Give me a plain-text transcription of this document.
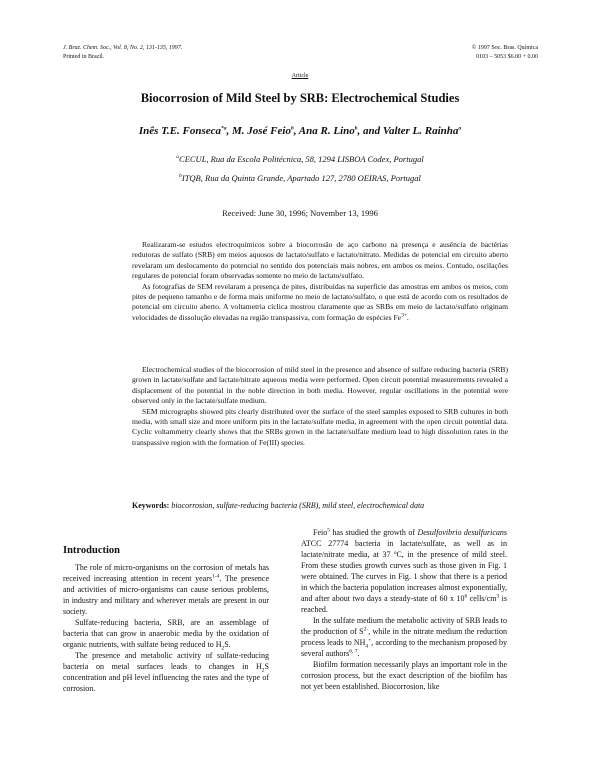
J. Braz. Chem. Soc., Vol. 8, No. 2, 131-135, 1997.
Printed in Brazil.
© 1997 Soc. Bras. Química
0103 – 5053 $6.00 + 0.00
Article
Biocorrosion of Mild Steel by SRB: Electrochemical Studies
Inês T.E. Fonseca$^{*a}$, M. José Feio$^b$, Ana R. Lino$^b$, and Valter L. Rainha$^a$
$^a$CECUL, Rua da Escola Politécnica, 58, 1294 LISBOA Codex, Portugal
$^b$ITQB, Rua da Quinta Grande, Apartado 127, 2780 OEIRAS, Portugal
Received: June 30, 1996; November 13, 1996

Realizaram-se estudos electroquímicos sobre a biocorrosão de aço carbono na presença e ausência de bactérias redutoras de sulfato (SRB) em meios aquosos de lactato/sulfato e lactato/nitrato. Medidas de potencial em circuito aberto revelaram um deslocamento do potencial no sentido dos potenciais mais nobres, em ambos os meios. Contudo, oscilações regulares de potencial foram observadas somente no meio de lactato/sulfato.

As fotografias de SEM revelaram a presença de pites, distribuídas na superfície das amostras em ambos os meios, com pites de pequeno tamanho e de forma mais uniforme no meio de lactato/sulfato, o que está de acordo com os resultados de potencial em circuito aberto. A voltametria cíclica mostrou claramente que as SRBs em meio de lactato/sulfato originam velocidades de dissolução elevadas na região transpassiva, com formação de espécies $Fe^{3+}$.

Electrochemical studies of the biocorrosion of mild steel in the presence and absence of sulfate reducing bacteria (SRB) grown in lactate/sulfate and lactate/nitrate aqueous media were performed. Open circuit potential measurements revealed a displacement of the potential in the noble direction in both media. However, regular oscillations in the potential were observed only in the lactate/sulfate medium.

SEM micrographs showed pits clearly distributed over the surface of the steel samples exposed to SRB cultures in both media, with small size and more uniform pits in the lactate/sulfate media, in agreement with the open circuit potential data. Cyclic voltammetry clearly shows that the SRBs grown in the lactate/sulfate medium lead to high dissolution rates in the transpassive region with the formation of Fe(III) species.

Keywords: biocorrosion, sulfate-reducing bacteria (SRB), mild steel, electrochemical data
Introduction

The role of micro-organisms on the corrosion of metals has received increasing attention in recent years$^{1-4}$. The presence and activities of micro-organisms can cause serious problems, in industry and military and wherever metals are present in our society.

Sulfate-reducing bacteria, SRB, are an assemblage of bacteria that can grow in anaerobic media by the oxidation of organic nutrients, with sulfate being reduced to $H_2S$.

The presence and metabolic activity of sulfate-reducing bacteria on metal surfaces leads to changes in $H_2S$ concentration and pH level influencing the rates and the type of corrosion.

Feio$^5$ has studied the growth of Desulfovibrio desulfuricans ATCC 27774 bacteria in lactate/sulfate, as well as in lactate/nitrate media, at 37 ºC, in the presence of mild steel. From these studies growth curves such as those given in Fig. 1 were obtained. The curves in Fig. 1 show that there is a period in which the bacteria population increases almost exponentially, and after about two days a steady-state of 60 x $10^6$ cells/$cm^3$ is reached.

In the sulfate medium the metabolic activity of SRB leads to the production of $S^{2-}$, while in the nitrate medium the reduction process leads to $NH_4^+$, according to the mechanism proposed by several authors$^{6, 7}$.

Biofilm formation necessarily plays an important role in the corrosion process, but the exact description of the biofilm has not yet been established. Biocorrosion, like
